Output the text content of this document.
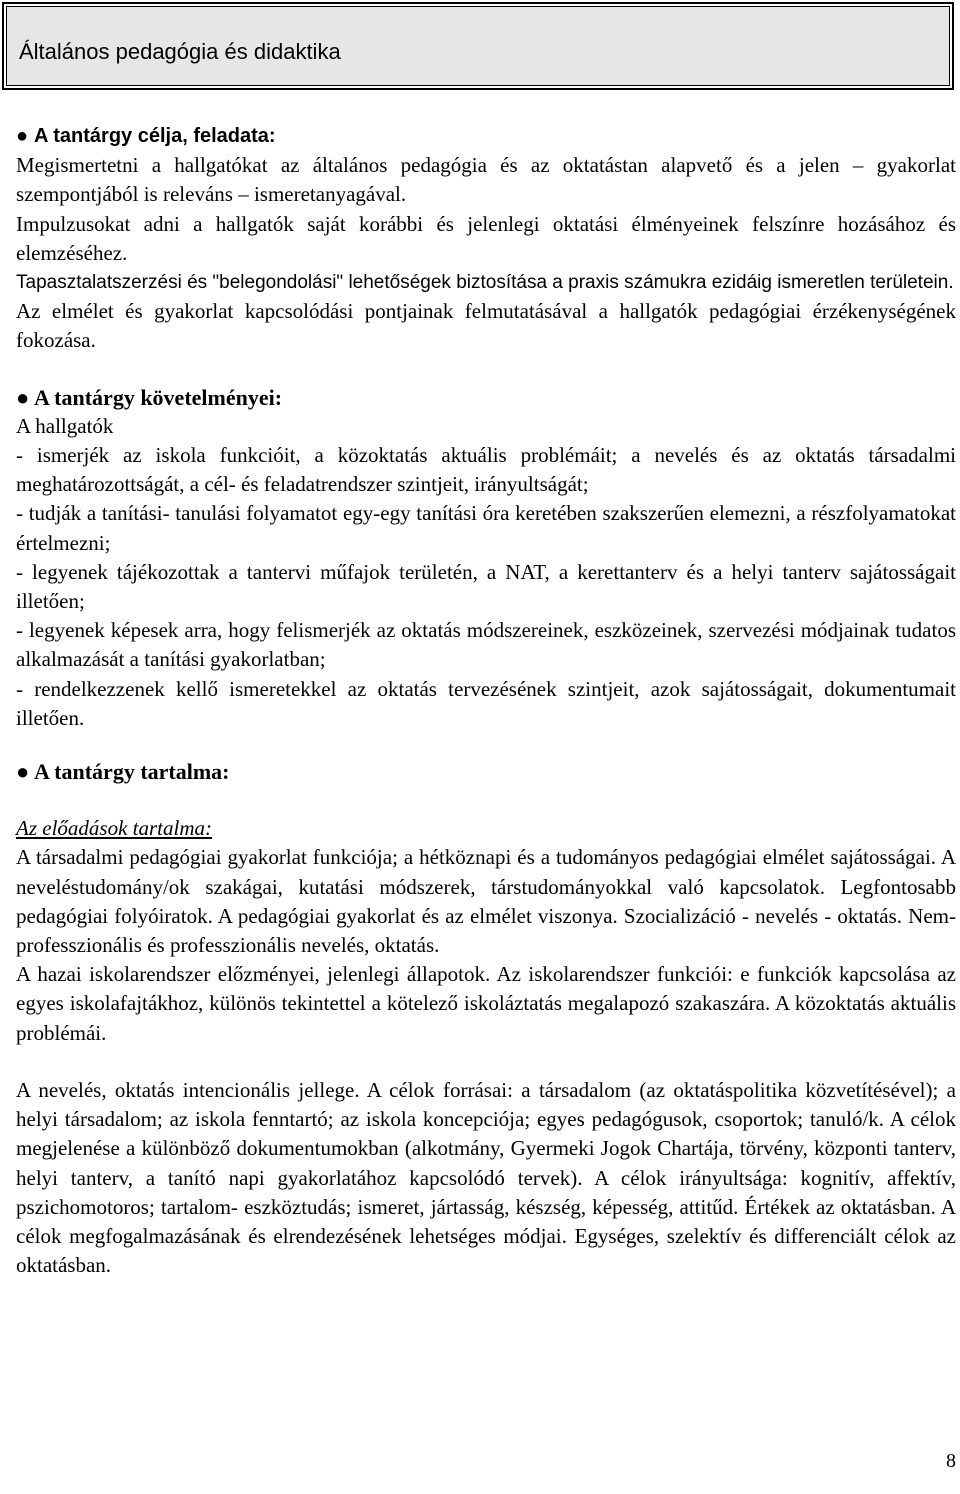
Általános pedagógia és didaktika
● A tantárgy célja, feladata:

Megismertetni a hallgatókat az általános pedagógia és az oktatástan alapvető és a jelen – gyakorlat szempontjából is releváns – ismeretanyagával.

Impulzusokat adni a hallgatók saját korábbi és jelenlegi oktatási élményeinek felszínre hozásához és elemzéséhez.

Tapasztalatszerzési és "belegondolási" lehetőségek biztosítása a praxis számukra ezidáig ismeretlen területein.

Az elmélet és gyakorlat kapcsolódási pontjainak felmutatásával a hallgatók pedagógiai érzékenységének fokozása.

● A tantárgy követelményei:

A hallgatók

- ismerjék az iskola funkcióit, a közoktatás aktuális problémáit; a nevelés és az oktatás társadalmi meghatározottságát, a cél- és feladatrendszer szintjeit, irányultságát;

- tudják a tanítási- tanulási folyamatot egy-egy tanítási óra keretében szakszerűen elemezni, a részfolyamatokat értelmezni;

- legyenek tájékozottak a tantervi műfajok területén, a NAT, a kerettanterv és a helyi tanterv sajátosságait illetően;

- legyenek képesek arra, hogy felismerjék az oktatás módszereinek, eszközeinek, szervezési módjainak tudatos alkalmazását a tanítási gyakorlatban;

- rendelkezzenek kellő ismeretekkel az oktatás tervezésének szintjeit, azok sajátosságait, dokumentumait illetően.

● A tantárgy tartalma:

Az előadások tartalma:

A társadalmi pedagógiai gyakorlat funkciója; a hétköznapi és a tudományos pedagógiai elmélet sajátosságai. A neveléstudomány/ok szakágai, kutatási módszerek, társtudományokkal való kapcsolatok. Legfontosabb pedagógiai folyóiratok. A pedagógiai gyakorlat és az elmélet viszonya. Szocializáció - nevelés - oktatás. Nem-professzionális és professzionális nevelés, oktatás.

A hazai iskolarendszer előzményei, jelenlegi állapotok. Az iskolarendszer funkciói: e funkciók kapcsolása az egyes iskolafajtákhoz, különös tekintettel a kötelező iskoláztatás megalapozó szakaszára. A közoktatás aktuális problémái.

A nevelés, oktatás intencionális jellege. A célok forrásai: a társadalom (az oktatáspolitika közvetítésével); a helyi társadalom; az iskola fenntartó; az iskola koncepciója; egyes pedagógusok, csoportok; tanuló/k. A célok megjelenése a különböző dokumentumokban (alkotmány, Gyermeki Jogok Chartája, törvény, központi tanterv, helyi tanterv, a tanító napi gyakorlatához kapcsolódó tervek). A célok irányultsága: kognitív, affektív, pszichomotoros; tartalom- eszköztudás; ismeret, jártasság, készség, képesség, attitűd. Értékek az oktatásban. A célok megfogalmazásának és elrendezésének lehetséges módjai. Egységes, szelektív és differenciált célok az oktatásban.

8
